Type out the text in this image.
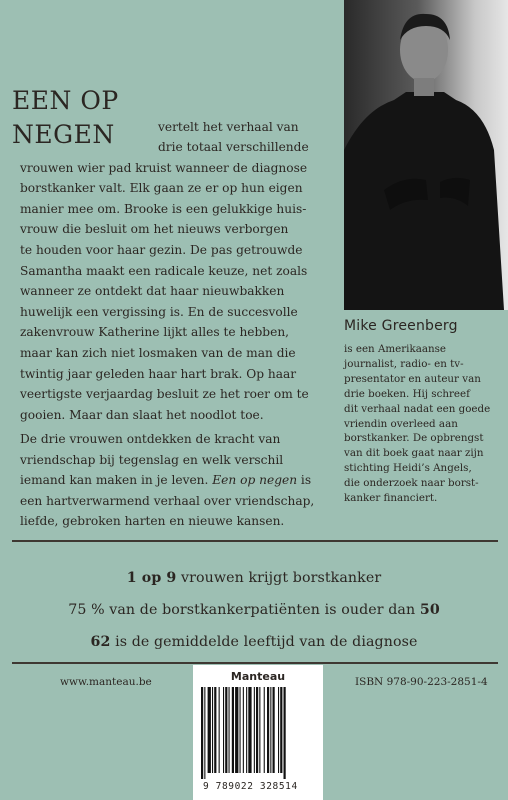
EEN OP
NEGEN	vertelt het verhaal van
drie totaal verschillende
vrouwen wier pad kruist wanneer de diagnose
borstkanker valt. Elk gaan ze er op hun eigen
manier mee om. Brooke is een gelukkige huis-
vrouw die besluit om het nieuws verborgen
te houden voor haar gezin. De pas getrouwde
Samantha maakt een radicale keuze, net zoals
wanneer ze ontdekt dat haar nieuwbakken
huwelijk een vergissing is. En de succesvolle
zakenvrouw Katherine lijkt alles te hebben,
maar kan zich niet losmaken van de man die
twintig jaar geleden haar hart brak. Op haar
veertigste verjaardag besluit ze het roer om te
gooien. Maar dan slaat het noodlot toe.
De drie vrouwen ontdekken de kracht van
vriendschap bij tegenslag en welk verschil
iemand kan maken in je leven. Een op negen is
een hartverwarmend verhaal over vriendschap,
liefde, gebroken harten en nieuwe kansen.
Mike Greenberg
is een Amerikaanse
journalist, radio- en tv-
presentator en auteur van
drie boeken. Hij schreef
dit verhaal nadat een goede
vriendin overleed aan
borstkanker. De opbrengst
van dit boek gaat naar zijn
stichting Heidi’s Angels,
die onderzoek naar borst-
kanker financiert.
1 op 9 vrouwen krijgt borstkanker
75 % van de borstkankerpatiënten is ouder dan 50
62 is de gemiddelde leeftijd van de diagnose
www.manteau.be	ISBN 978-90-223-2851-4
Manteau
9 789022 328514
